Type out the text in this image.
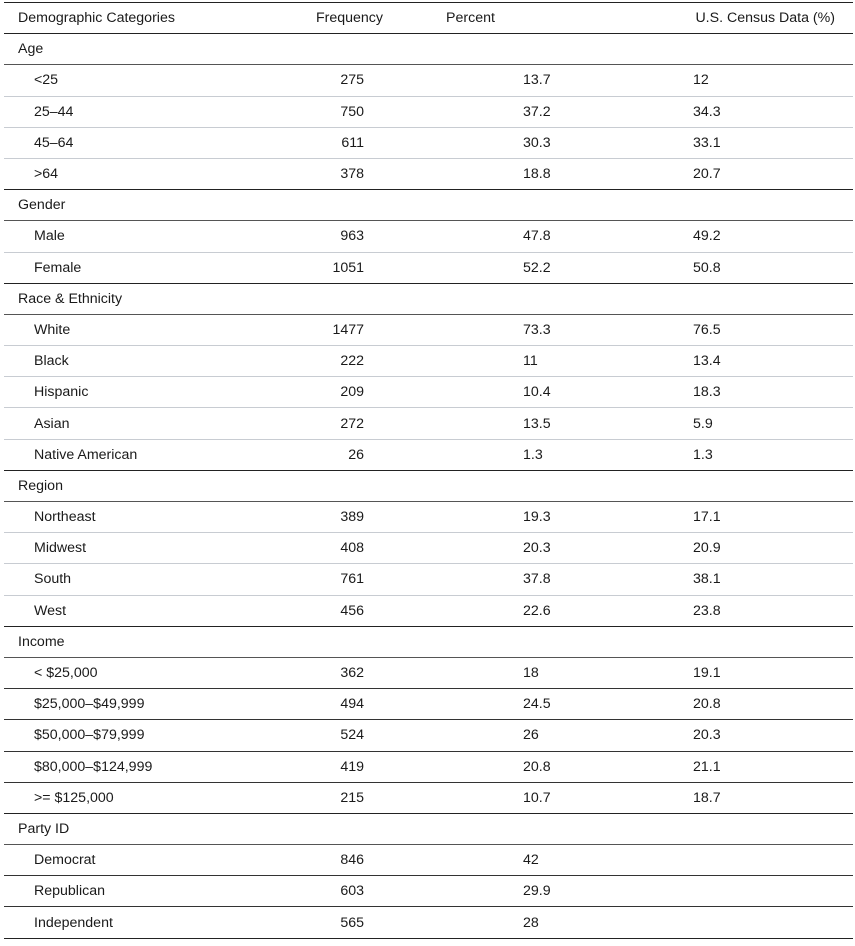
Demographic Categories	Frequency	Percent	U.S. Census Data (%)
Age
<25	275	13.7	12
25–44	750	37.2	34.3
45–64	611	30.3	33.1
>64	378	18.8	20.7
Gender
Male	963	47.8	49.2
Female	1051	52.2	50.8
Race & Ethnicity
White	1477	73.3	76.5
Black	222	11	13.4
Hispanic	209	10.4	18.3
Asian	272	13.5	5.9
Native American	26	1.3	1.3
Region
Northeast	389	19.3	17.1
Midwest	408	20.3	20.9
South	761	37.8	38.1
West	456	22.6	23.8
Income
< $25,000	362	18	19.1
$25,000–$49,999	494	24.5	20.8
$50,000–$79,999	524	26	20.3
$80,000–$124,999	419	20.8	21.1
>= $125,000	215	10.7	18.7
Party ID
Democrat	846	42
Republican	603	29.9
Independent	565	28
